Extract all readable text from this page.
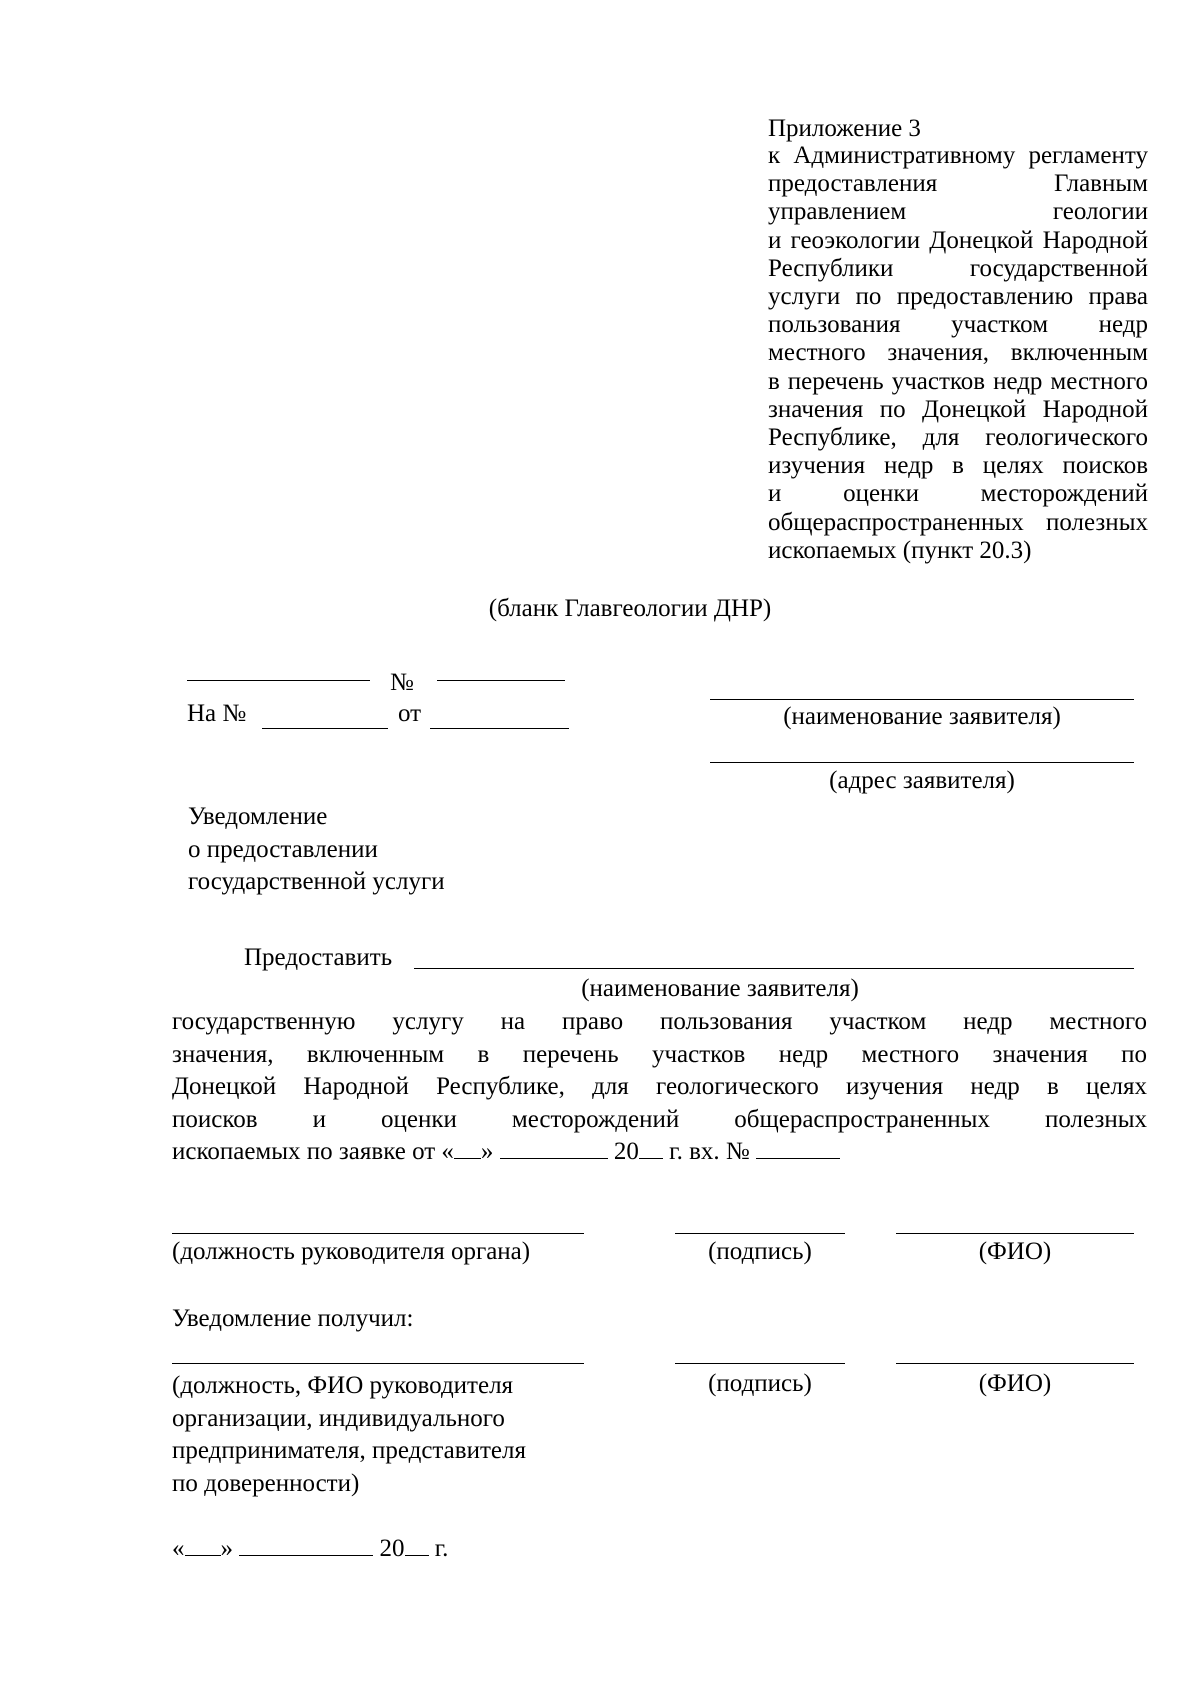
Приложение 3
к Административному регламенту
предоставления Главным
управлением геологии
и геоэкологии Донецкой Народной
Республики государственной
услуги по предоставлению права
пользования участком недр
местного значения, включенным
в перечень участков недр местного
значения по Донецкой Народной
Республике, для геологического
изучения недр в целях поисков
и оценки месторождений
общераспространенных полезных
ископаемых (пункт 20.3)
(бланк Главгеологии ДНР)
№
На №	от	(наименование заявителя)
(адрес заявителя)
Уведомление
о предоставлении
государственной услуги
Предоставить
(наименование заявителя)
государственную услугу на право пользования участком недр местного
значения, включенным в перечень участков недр местного значения по
Донецкой Народной Республике, для геологического изучения недр в целях
поисков и оценки месторождений общераспространенных полезных
ископаемых по заявке от « »	20 г. вх. №
(должность руководителя органа)	(подпись)	(ФИО)
Уведомление получил:
(должность, ФИО руководителя
организации, индивидуального
предпринимателя, представителя
по доверенности)
(подпись)	(ФИО)
« »	20 г.
